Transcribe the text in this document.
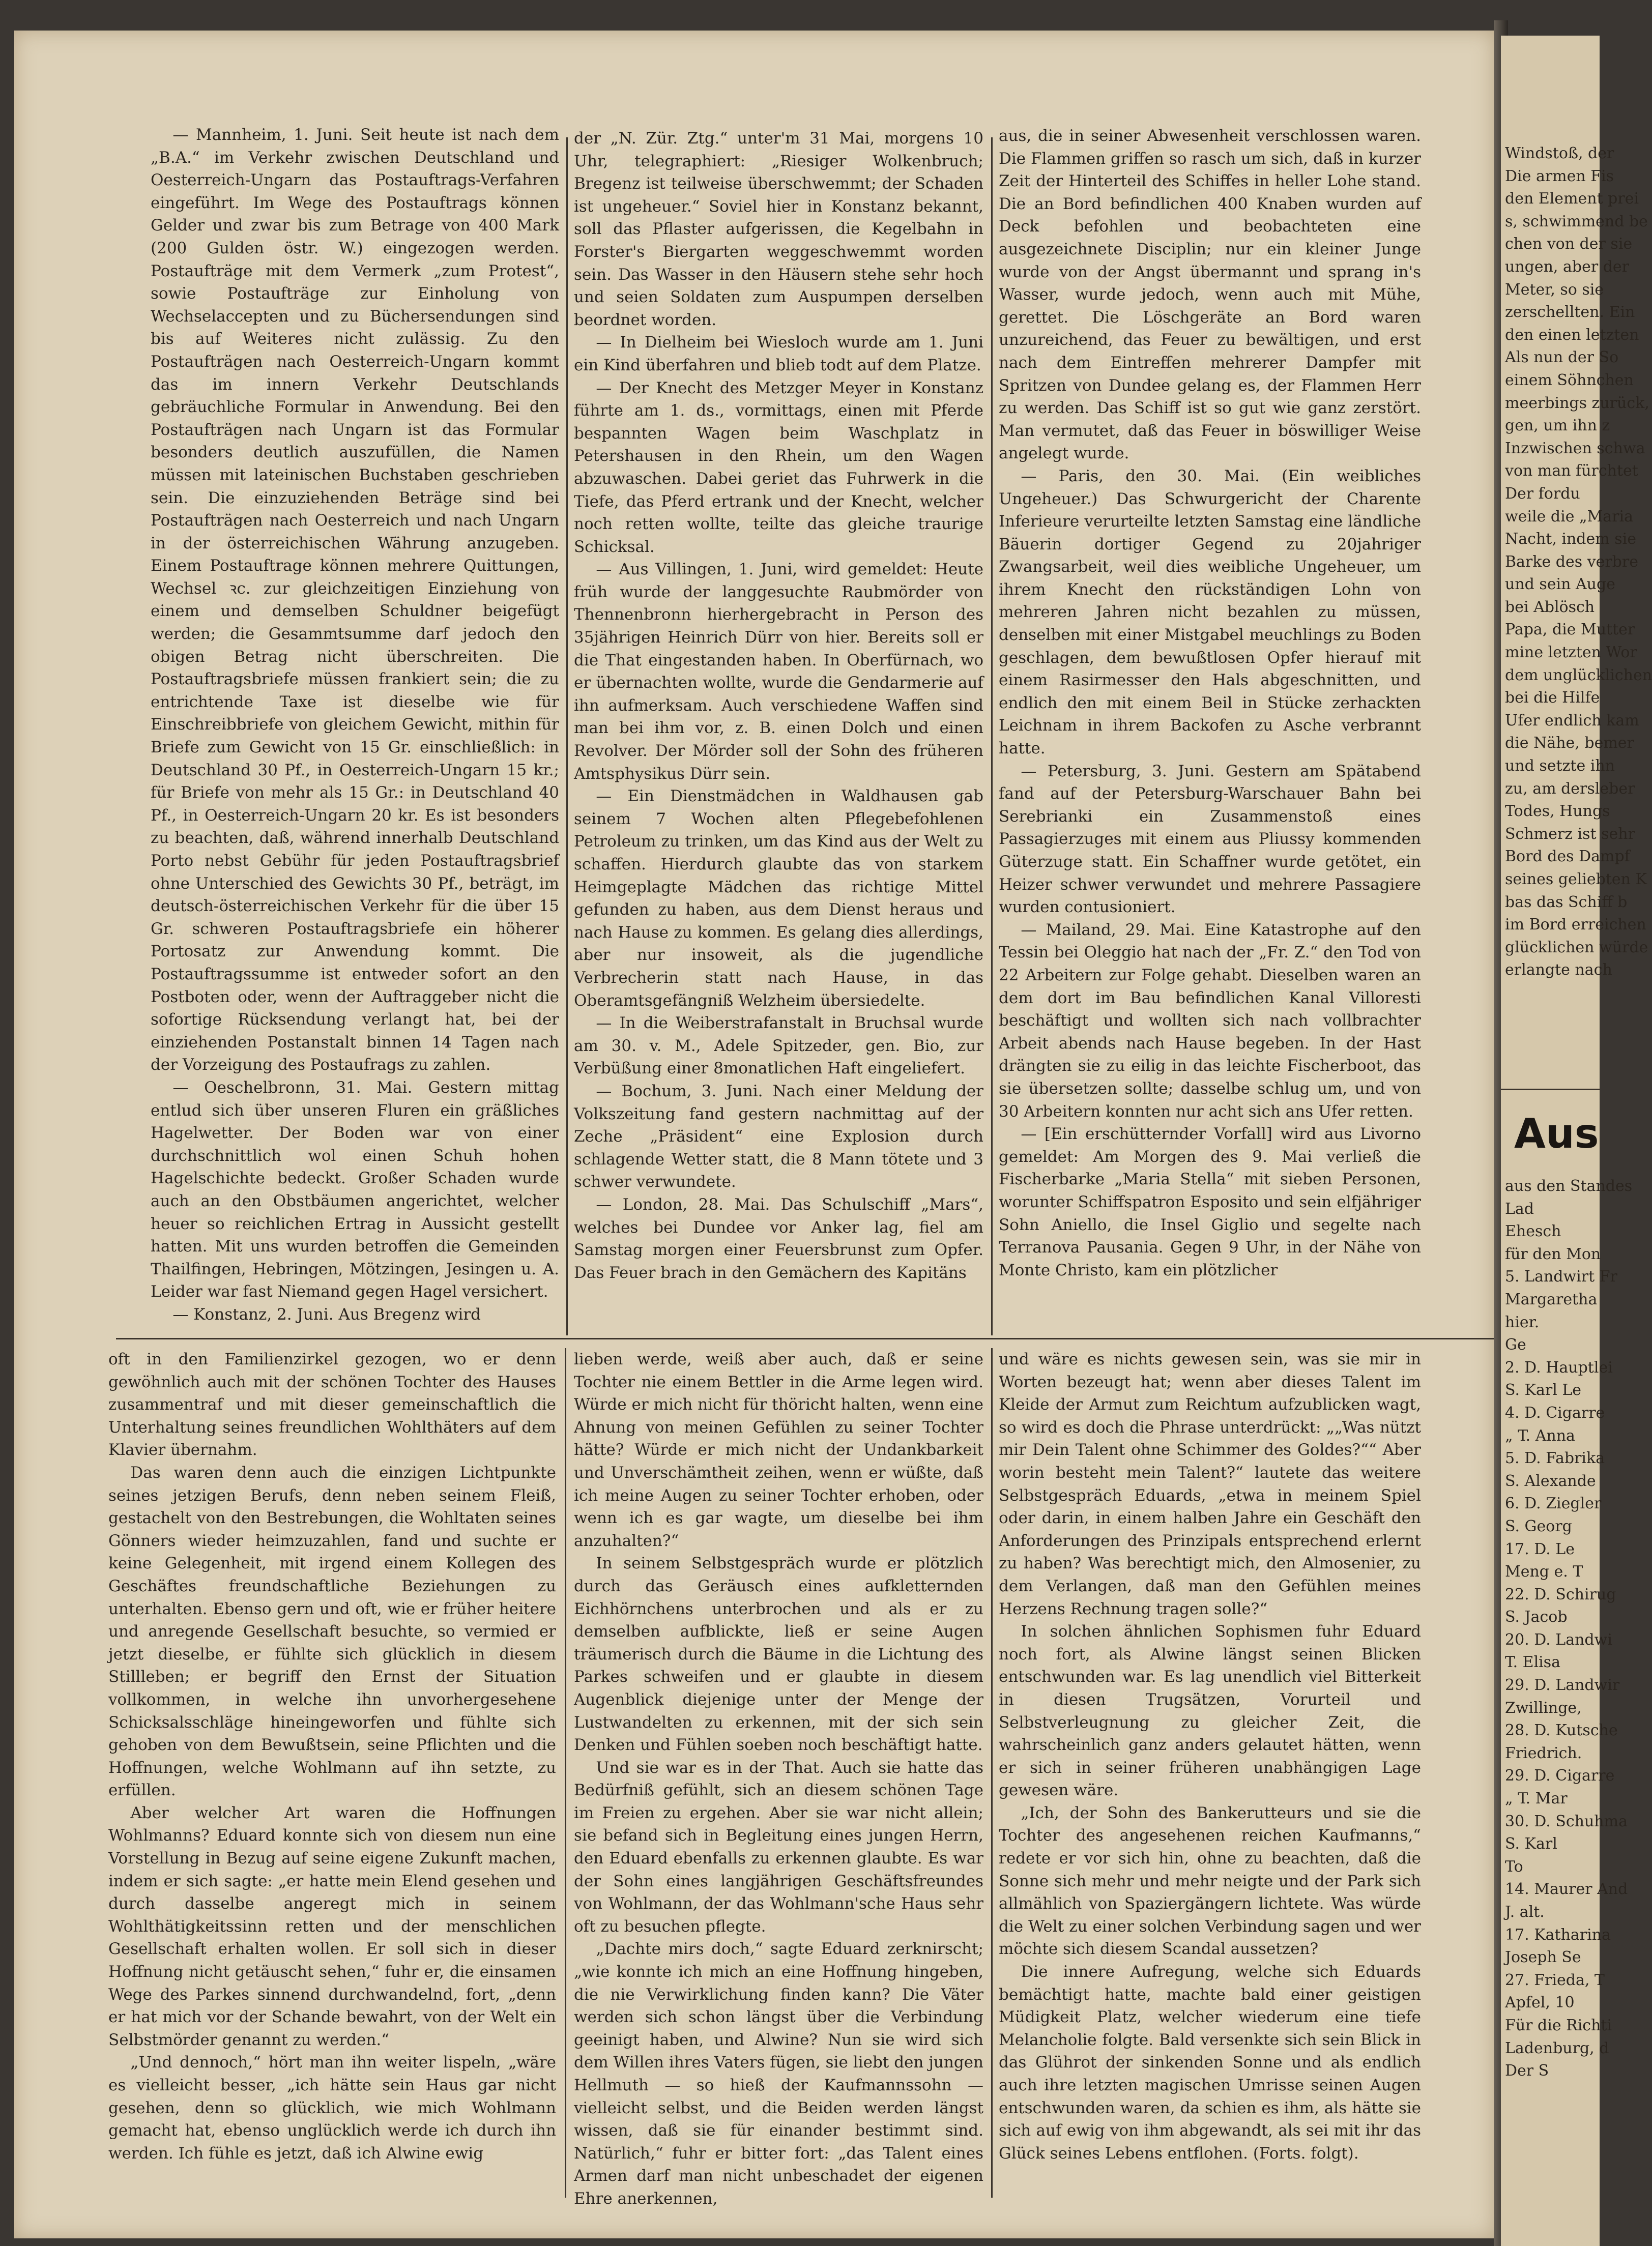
— Mannheim, 1. Juni. Seit heute ist nach dem „B.A.“ im Verkehr zwischen Deutschland und Oesterreich-Ungarn das Postauftrags-Verfahren eingeführt. Im Wege des Postauftrags können Gelder und zwar bis zum Betrage von 400 Mark (200 Gulden östr. W.) eingezogen werden. Postaufträge mit dem Vermerk „zum Protest“, sowie Postaufträge zur Einholung von Wechselaccepten und zu Büchersendungen sind bis auf Weiteres nicht zulässig. Zu den Postaufträgen nach Oesterreich-Ungarn kommt das im innern Verkehr Deutschlands gebräuchliche Formular in Anwendung. Bei den Postaufträgen nach Ungarn ist das Formular besonders deutlich auszufüllen, die Namen müssen mit lateinischen Buchstaben geschrieben sein. Die einzuziehenden Beträge sind bei Postaufträgen nach Oesterreich und nach Ungarn in der österreichischen Währung anzugeben. Einem Postauftrage können mehrere Quittungen, Wechsel ꝛc. zur gleichzeitigen Einziehung von einem und demselben Schuldner beigefügt werden; die Gesammtsumme darf jedoch den obigen Betrag nicht überschreiten. Die Postauftragsbriefe müssen frankiert sein; die zu entrichtende Taxe ist dieselbe wie für Einschreibbriefe von gleichem Gewicht, mithin für Briefe zum Gewicht von 15 Gr. einschließlich: in Deutschland 30 Pf., in Oesterreich-Ungarn 15 kr.; für Briefe von mehr als 15 Gr.: in Deutschland 40 Pf., in Oesterreich-Ungarn 20 kr. Es ist besonders zu beachten, daß, während innerhalb Deutschland Porto nebst Gebühr für jeden Postauftragsbrief ohne Unterschied des Gewichts 30 Pf., beträgt, im deutsch-österreichischen Verkehr für die über 15 Gr. schweren Postauftragsbriefe ein höherer Portosatz zur Anwendung kommt. Die Postauftragssumme ist entweder sofort an den Postboten oder, wenn der Auftraggeber nicht die sofortige Rücksendung verlangt hat, bei der einziehenden Postanstalt binnen 14 Tagen nach der Vorzeigung des Postaufrags zu zahlen.

— Oeschelbronn, 31. Mai. Gestern mittag entlud sich über unseren Fluren ein gräßliches Hagelwetter. Der Boden war von einer durchschnittlich wol einen Schuh hohen Hagelschichte bedeckt. Großer Schaden wurde auch an den Obstbäumen angerichtet, welcher heuer so reichlichen Ertrag in Aussicht gestellt hatten. Mit uns wurden betroffen die Gemeinden Thailfingen, Hebringen, Mötzingen, Jesingen u. A. Leider war fast Niemand gegen Hagel versichert.

— Konstanz, 2. Juni. Aus Bregenz wird

der „N. Zür. Ztg.“ unter'm 31 Mai, morgens 10 Uhr, telegraphiert: „Riesiger Wolkenbruch; Bregenz ist teilweise überschwemmt; der Schaden ist ungeheuer.“ Soviel hier in Konstanz bekannt, soll das Pflaster aufgerissen, die Kegelbahn in Forster's Biergarten weggeschwemmt worden sein. Das Wasser in den Häusern stehe sehr hoch und seien Soldaten zum Auspumpen derselben beordnet worden.

— In Dielheim bei Wiesloch wurde am 1. Juni ein Kind überfahren und blieb todt auf dem Platze.

— Der Knecht des Metzger Meyer in Konstanz führte am 1. ds., vormittags, einen mit Pferde bespannten Wagen beim Waschplatz in Petershausen in den Rhein, um den Wagen abzuwaschen. Dabei geriet das Fuhrwerk in die Tiefe, das Pferd ertrank und der Knecht, welcher noch retten wollte, teilte das gleiche traurige Schicksal.

— Aus Villingen, 1. Juni, wird gemeldet: Heute früh wurde der langgesuchte Raubmörder von Thennenbronn hierhergebracht in Person des 35jährigen Heinrich Dürr von hier. Bereits soll er die That eingestanden haben. In Oberfürnach, wo er übernachten wollte, wurde die Gendarmerie auf ihn aufmerksam. Auch verschiedene Waffen sind man bei ihm vor, z. B. einen Dolch und einen Revolver. Der Mörder soll der Sohn des früheren Amtsphysikus Dürr sein.

— Ein Dienstmädchen in Waldhausen gab seinem 7 Wochen alten Pflegebefohlenen Petroleum zu trinken, um das Kind aus der Welt zu schaffen. Hierdurch glaubte das von starkem Heimgeplagte Mädchen das richtige Mittel gefunden zu haben, aus dem Dienst heraus und nach Hause zu kommen. Es gelang dies allerdings, aber nur insoweit, als die jugendliche Verbrecherin statt nach Hause, in das Oberamtsgefängniß Welzheim übersiedelte.

— In die Weiberstrafanstalt in Bruchsal wurde am 30. v. M., Adele Spitzeder, gen. Bio, zur Verbüßung einer 8monatlichen Haft eingeliefert.

— Bochum, 3. Juni. Nach einer Meldung der Volkszeitung fand gestern nachmittag auf der Zeche „Präsident“ eine Explosion durch schlagende Wetter statt, die 8 Mann tötete und 3 schwer verwundete.

— London, 28. Mai. Das Schulschiff „Mars“, welches bei Dundee vor Anker lag, fiel am Samstag morgen einer Feuersbrunst zum Opfer. Das Feuer brach in den Gemächern des Kapitäns

aus, die in seiner Abwesenheit verschlossen waren. Die Flammen griffen so rasch um sich, daß in kurzer Zeit der Hinterteil des Schiffes in heller Lohe stand. Die an Bord befindlichen 400 Knaben wurden auf Deck befohlen und beobachteten eine ausgezeichnete Disciplin; nur ein kleiner Junge wurde von der Angst übermannt und sprang in's Wasser, wurde jedoch, wenn auch mit Mühe, gerettet. Die Löschgeräte an Bord waren unzureichend, das Feuer zu bewältigen, und erst nach dem Eintreffen mehrerer Dampfer mit Spritzen von Dundee gelang es, der Flammen Herr zu werden. Das Schiff ist so gut wie ganz zerstört. Man vermutet, daß das Feuer in böswilliger Weise angelegt wurde.

— Paris, den 30. Mai. (Ein weibliches Ungeheuer.) Das Schwurgericht der Charente Inferieure verurteilte letzten Samstag eine ländliche Bäuerin dortiger Gegend zu 20jahriger Zwangsarbeit, weil dies weibliche Ungeheuer, um ihrem Knecht den rückständigen Lohn von mehreren Jahren nicht bezahlen zu müssen, denselben mit einer Mistgabel meuchlings zu Boden geschlagen, dem bewußtlosen Opfer hierauf mit einem Rasirmesser den Hals abgeschnitten, und endlich den mit einem Beil in Stücke zerhackten Leichnam in ihrem Backofen zu Asche verbrannt hatte.

— Petersburg, 3. Juni. Gestern am Spätabend fand auf der Petersburg-Warschauer Bahn bei Serebrianki ein Zusammenstoß eines Passagierzuges mit einem aus Pliussy kommenden Güterzuge statt. Ein Schaffner wurde getötet, ein Heizer schwer verwundet und mehrere Passagiere wurden contusioniert.

— Mailand, 29. Mai. Eine Katastrophe auf den Tessin bei Oleggio hat nach der „Fr. Z.“ den Tod von 22 Arbeitern zur Folge gehabt. Dieselben waren an dem dort im Bau befindlichen Kanal Villoresti beschäftigt und wollten sich nach vollbrachter Arbeit abends nach Hause begeben. In der Hast drängten sie zu eilig in das leichte Fischerboot, das sie übersetzen sollte; dasselbe schlug um, und von 30 Arbeitern konnten nur acht sich ans Ufer retten.

— [Ein erschütternder Vorfall] wird aus Livorno gemeldet: Am Morgen des 9. Mai verließ die Fischerbarke „Maria Stella“ mit sieben Personen, worunter Schiffspatron Esposito und sein elfjähriger Sohn Aniello, die Insel Giglio und segelte nach Terranova Pausania. Gegen 9 Uhr, in der Nähe von Monte Christo, kam ein plötzlicher

oft in den Familienzirkel gezogen, wo er denn gewöhnlich auch mit der schönen Tochter des Hauses zusammentraf und mit dieser gemeinschaftlich die Unterhaltung seines freundlichen Wohlthäters auf dem Klavier übernahm.

Das waren denn auch die einzigen Lichtpunkte seines jetzigen Berufs, denn neben seinem Fleiß, gestachelt von den Bestrebungen, die Wohltaten seines Gönners wieder heimzuzahlen, fand und suchte er keine Gelegenheit, mit irgend einem Kollegen des Geschäftes freundschaftliche Beziehungen zu unterhalten. Ebenso gern und oft, wie er früher heitere und anregende Gesellschaft besuchte, so vermied er jetzt dieselbe, er fühlte sich glücklich in diesem Stillleben; er begriff den Ernst der Situation vollkommen, in welche ihn unvorhergesehene Schicksalsschläge hineingeworfen und fühlte sich gehoben von dem Bewußtsein, seine Pflichten und die Hoffnungen, welche Wohlmann auf ihn setzte, zu erfüllen.

Aber welcher Art waren die Hoffnungen Wohlmanns? Eduard konnte sich von diesem nun eine Vorstellung in Bezug auf seine eigene Zukunft machen, indem er sich sagte: „er hatte mein Elend gesehen und durch dasselbe angeregt mich in seinem Wohlthätigkeitssinn retten und der menschlichen Gesellschaft erhalten wollen. Er soll sich in dieser Hoffnung nicht getäuscht sehen,“ fuhr er, die einsamen Wege des Parkes sinnend durchwandelnd, fort, „denn er hat mich vor der Schande bewahrt, von der Welt ein Selbstmörder genannt zu werden.“

„Und dennoch,“ hört man ihn weiter lispeln, „wäre es vielleicht besser, „ich hätte sein Haus gar nicht gesehen, denn so glücklich, wie mich Wohlmann gemacht hat, ebenso unglücklich werde ich durch ihn werden. Ich fühle es jetzt, daß ich Alwine ewig

lieben werde, weiß aber auch, daß er seine Tochter nie einem Bettler in die Arme legen wird. Würde er mich nicht für thöricht halten, wenn eine Ahnung von meinen Gefühlen zu seiner Tochter hätte? Würde er mich nicht der Undankbarkeit und Unverschämtheit zeihen, wenn er wüßte, daß ich meine Augen zu seiner Tochter erhoben, oder wenn ich es gar wagte, um dieselbe bei ihm anzuhalten?“

In seinem Selbstgespräch wurde er plötzlich durch das Geräusch eines aufkletternden Eichhörnchens unterbrochen und als er zu demselben aufblickte, ließ er seine Augen träumerisch durch die Bäume in die Lichtung des Parkes schweifen und er glaubte in diesem Augenblick diejenige unter der Menge der Lustwandelten zu erkennen, mit der sich sein Denken und Fühlen soeben noch beschäftigt hatte.

Und sie war es in der That. Auch sie hatte das Bedürfniß gefühlt, sich an diesem schönen Tage im Freien zu ergehen. Aber sie war nicht allein; sie befand sich in Begleitung eines jungen Herrn, den Eduard ebenfalls zu erkennen glaubte. Es war der Sohn eines langjährigen Geschäftsfreundes von Wohlmann, der das Wohlmann'sche Haus sehr oft zu besuchen pflegte.

„Dachte mirs doch,“ sagte Eduard zerknirscht; „wie konnte ich mich an eine Hoffnung hingeben, die nie Verwirklichung finden kann? Die Väter werden sich schon längst über die Verbindung geeinigt haben, und Alwine? Nun sie wird sich dem Willen ihres Vaters fügen, sie liebt den jungen Hellmuth — so hieß der Kaufmannssohn — vielleicht selbst, und die Beiden werden längst wissen, daß sie für einander bestimmt sind. Natürlich,“ fuhr er bitter fort: „das Talent eines Armen darf man nicht unbeschadet der eigenen Ehre anerkennen,

und wäre es nichts gewesen sein, was sie mir in Worten bezeugt hat; wenn aber dieses Talent im Kleide der Armut zum Reichtum aufzublicken wagt, so wird es doch die Phrase unterdrückt: „„Was nützt mir Dein Talent ohne Schimmer des Goldes?““ Aber worin besteht mein Talent?“ lautete das weitere Selbstgespräch Eduards, „etwa in meinem Spiel oder darin, in einem halben Jahre ein Geschäft den Anforderungen des Prinzipals entsprechend erlernt zu haben? Was berechtigt mich, den Almosenier, zu dem Verlangen, daß man den Gefühlen meines Herzens Rechnung tragen solle?“

In solchen ähnlichen Sophismen fuhr Eduard noch fort, als Alwine längst seinen Blicken entschwunden war. Es lag unendlich viel Bitterkeit in diesen Trugsätzen, Vorurteil und Selbstverleugnung zu gleicher Zeit, die wahrscheinlich ganz anders gelautet hätten, wenn er sich in seiner früheren unabhängigen Lage gewesen wäre.

„Ich, der Sohn des Bankerutteurs und sie die Tochter des angesehenen reichen Kaufmanns,“ redete er vor sich hin, ohne zu beachten, daß die Sonne sich mehr und mehr neigte und der Park sich allmählich von Spaziergängern lichtete. Was würde die Welt zu einer solchen Verbindung sagen und wer möchte sich diesem Scandal aussetzen?

Die innere Aufregung, welche sich Eduards bemächtigt hatte, machte bald einer geistigen Müdigkeit Platz, welcher wiederum eine tiefe Melancholie folgte. Bald versenkte sich sein Blick in das Glührot der sinkenden Sonne und als endlich auch ihre letzten magischen Umrisse seinen Augen entschwunden waren, da schien es ihm, als hätte sie sich auf ewig von ihm abgewandt, als sei mit ihr das Glück seines Lebens entflohen. (Forts. folgt).

Windstoß, der
Die armen Fis
den Element prei
s, schwimmend be
chen von der sie
ungen, aber der
Meter, so sie
zerschellten. Ein
den einen letzten
Als nun der So
einem Söhnchen
meerbings zurück,
gen, um ihn z
Inzwischen schwa
von man fürchtet
Der fordu
weile die „Maria
Nacht, indem sie
Barke des verbre
und sein Auge
bei Ablösch
Papa, die Mutter
mine letzten Wor
dem unglücklichen
bei die Hilfe
Ufer endlich kam
die Nähe, bemer
und setzte ihn
zu, am dersleber
Todes, Hungs
Schmerz ist sehr
Bord des Dampf
seines geliebten K
bas das Schiff b
im Bord erreichen
glücklichen würde
erlangte nach
Aus
aus den Standes
Lad
Ehesch
für den Mon
5. Landwirt Fr
Margaretha
hier.
Ge
2. D. Hauptlei
S. Karl Le
4. D. Cigarre
„ T. Anna
5. D. Fabrika
S. Alexande
6. D. Ziegler
S. Georg
17. D. Le
Meng e. T
22. D. Schirug
S. Jacob
20. D. Landwi
T. Elisa
29. D. Landwir
Zwillinge,
28. D. Kutsche
Friedrich.
29. D. Cigarre
„ T. Mar
30. D. Schuhma
S. Karl
To
14. Maurer And
J. alt.
17. Katharina
Joseph Se
27. Frieda, T
Apfel, 10
Für die Richti
Ladenburg, d
Der S
